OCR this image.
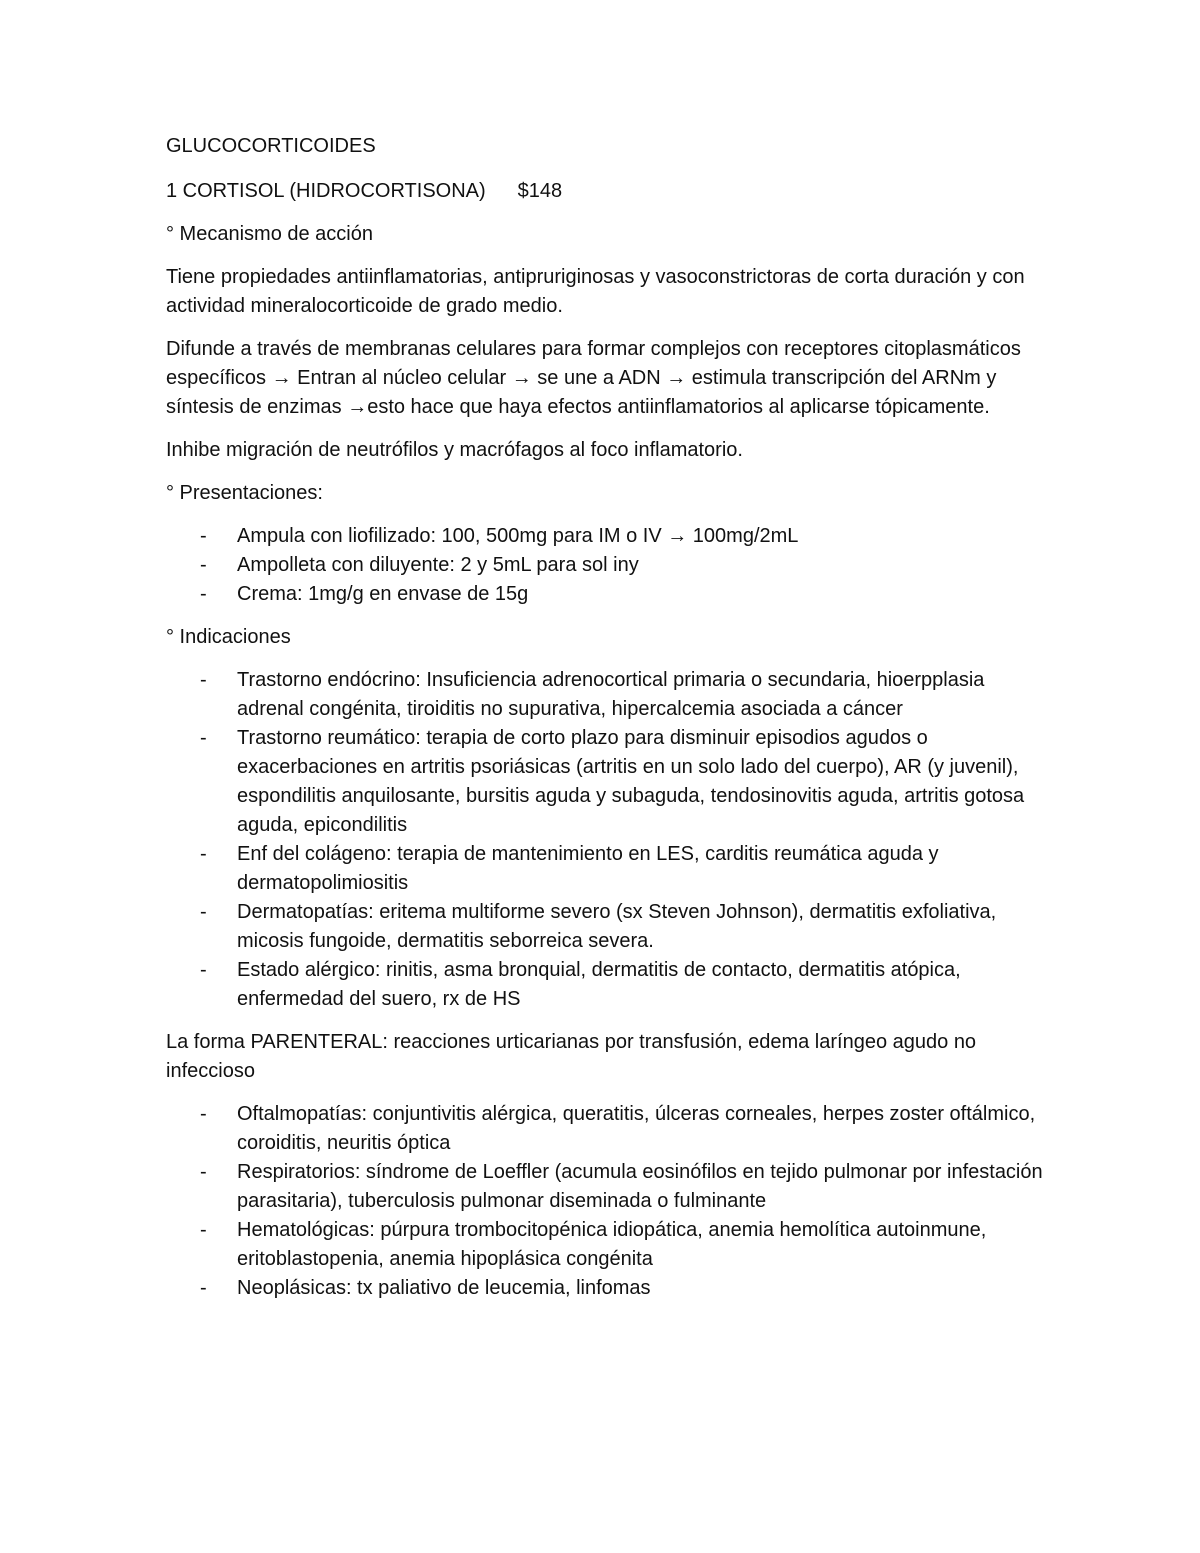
GLUCOCORTICOIDES

1 CORTISOL (HIDROCORTISONA) $148

° Mecanismo de acción

Tiene propiedades antiinflamatorias, antipruriginosas y vasoconstrictoras de corta duración y con actividad mineralocorticoide de grado medio.

Difunde a través de membranas celulares para formar complejos con receptores citoplasmáticos específicos → Entran al núcleo celular → se une a ADN → estimula transcripción del ARNm y síntesis de enzimas →esto hace que haya efectos antiinflamatorios al aplicarse tópicamente.

Inhibe migración de neutrófilos y macrófagos al foco inflamatorio.

° Presentaciones:

- Ampula con liofilizado: 100, 500mg para IM o IV → 100mg/2mL
- Ampolleta con diluyente: 2 y 5mL para sol iny
- Crema: 1mg/g en envase de 15g

° Indicaciones

- Trastorno endócrino: Insuficiencia adrenocortical primaria o secundaria, hioerpplasia adrenal congénita, tiroiditis no supurativa, hipercalcemia asociada a cáncer
- Trastorno reumático: terapia de corto plazo para disminuir episodios agudos o exacerbaciones en artritis psoriásicas (artritis en un solo lado del cuerpo), AR (y juvenil), espondilitis anquilosante, bursitis aguda y subaguda, tendosinovitis aguda, artritis gotosa aguda, epicondilitis
- Enf del colágeno: terapia de mantenimiento en LES, carditis reumática aguda y dermatopolimiositis
- Dermatopatías: eritema multiforme severo (sx Steven Johnson), dermatitis exfoliativa, micosis fungoide, dermatitis seborreica severa.
- Estado alérgico: rinitis, asma bronquial, dermatitis de contacto, dermatitis atópica, enfermedad del suero, rx de HS

La forma PARENTERAL: reacciones urticarianas por transfusión, edema laríngeo agudo no infeccioso

- Oftalmopatías: conjuntivitis alérgica, queratitis, úlceras corneales, herpes zoster oftálmico, coroiditis, neuritis óptica
- Respiratorios: síndrome de Loeffler (acumula eosinófilos en tejido pulmonar por infestación parasitaria), tuberculosis pulmonar diseminada o fulminante
- Hematológicas: púrpura trombocitopénica idiopática, anemia hemolítica autoinmune, eritoblastopenia, anemia hipoplásica congénita
- Neoplásicas: tx paliativo de leucemia, linfomas
